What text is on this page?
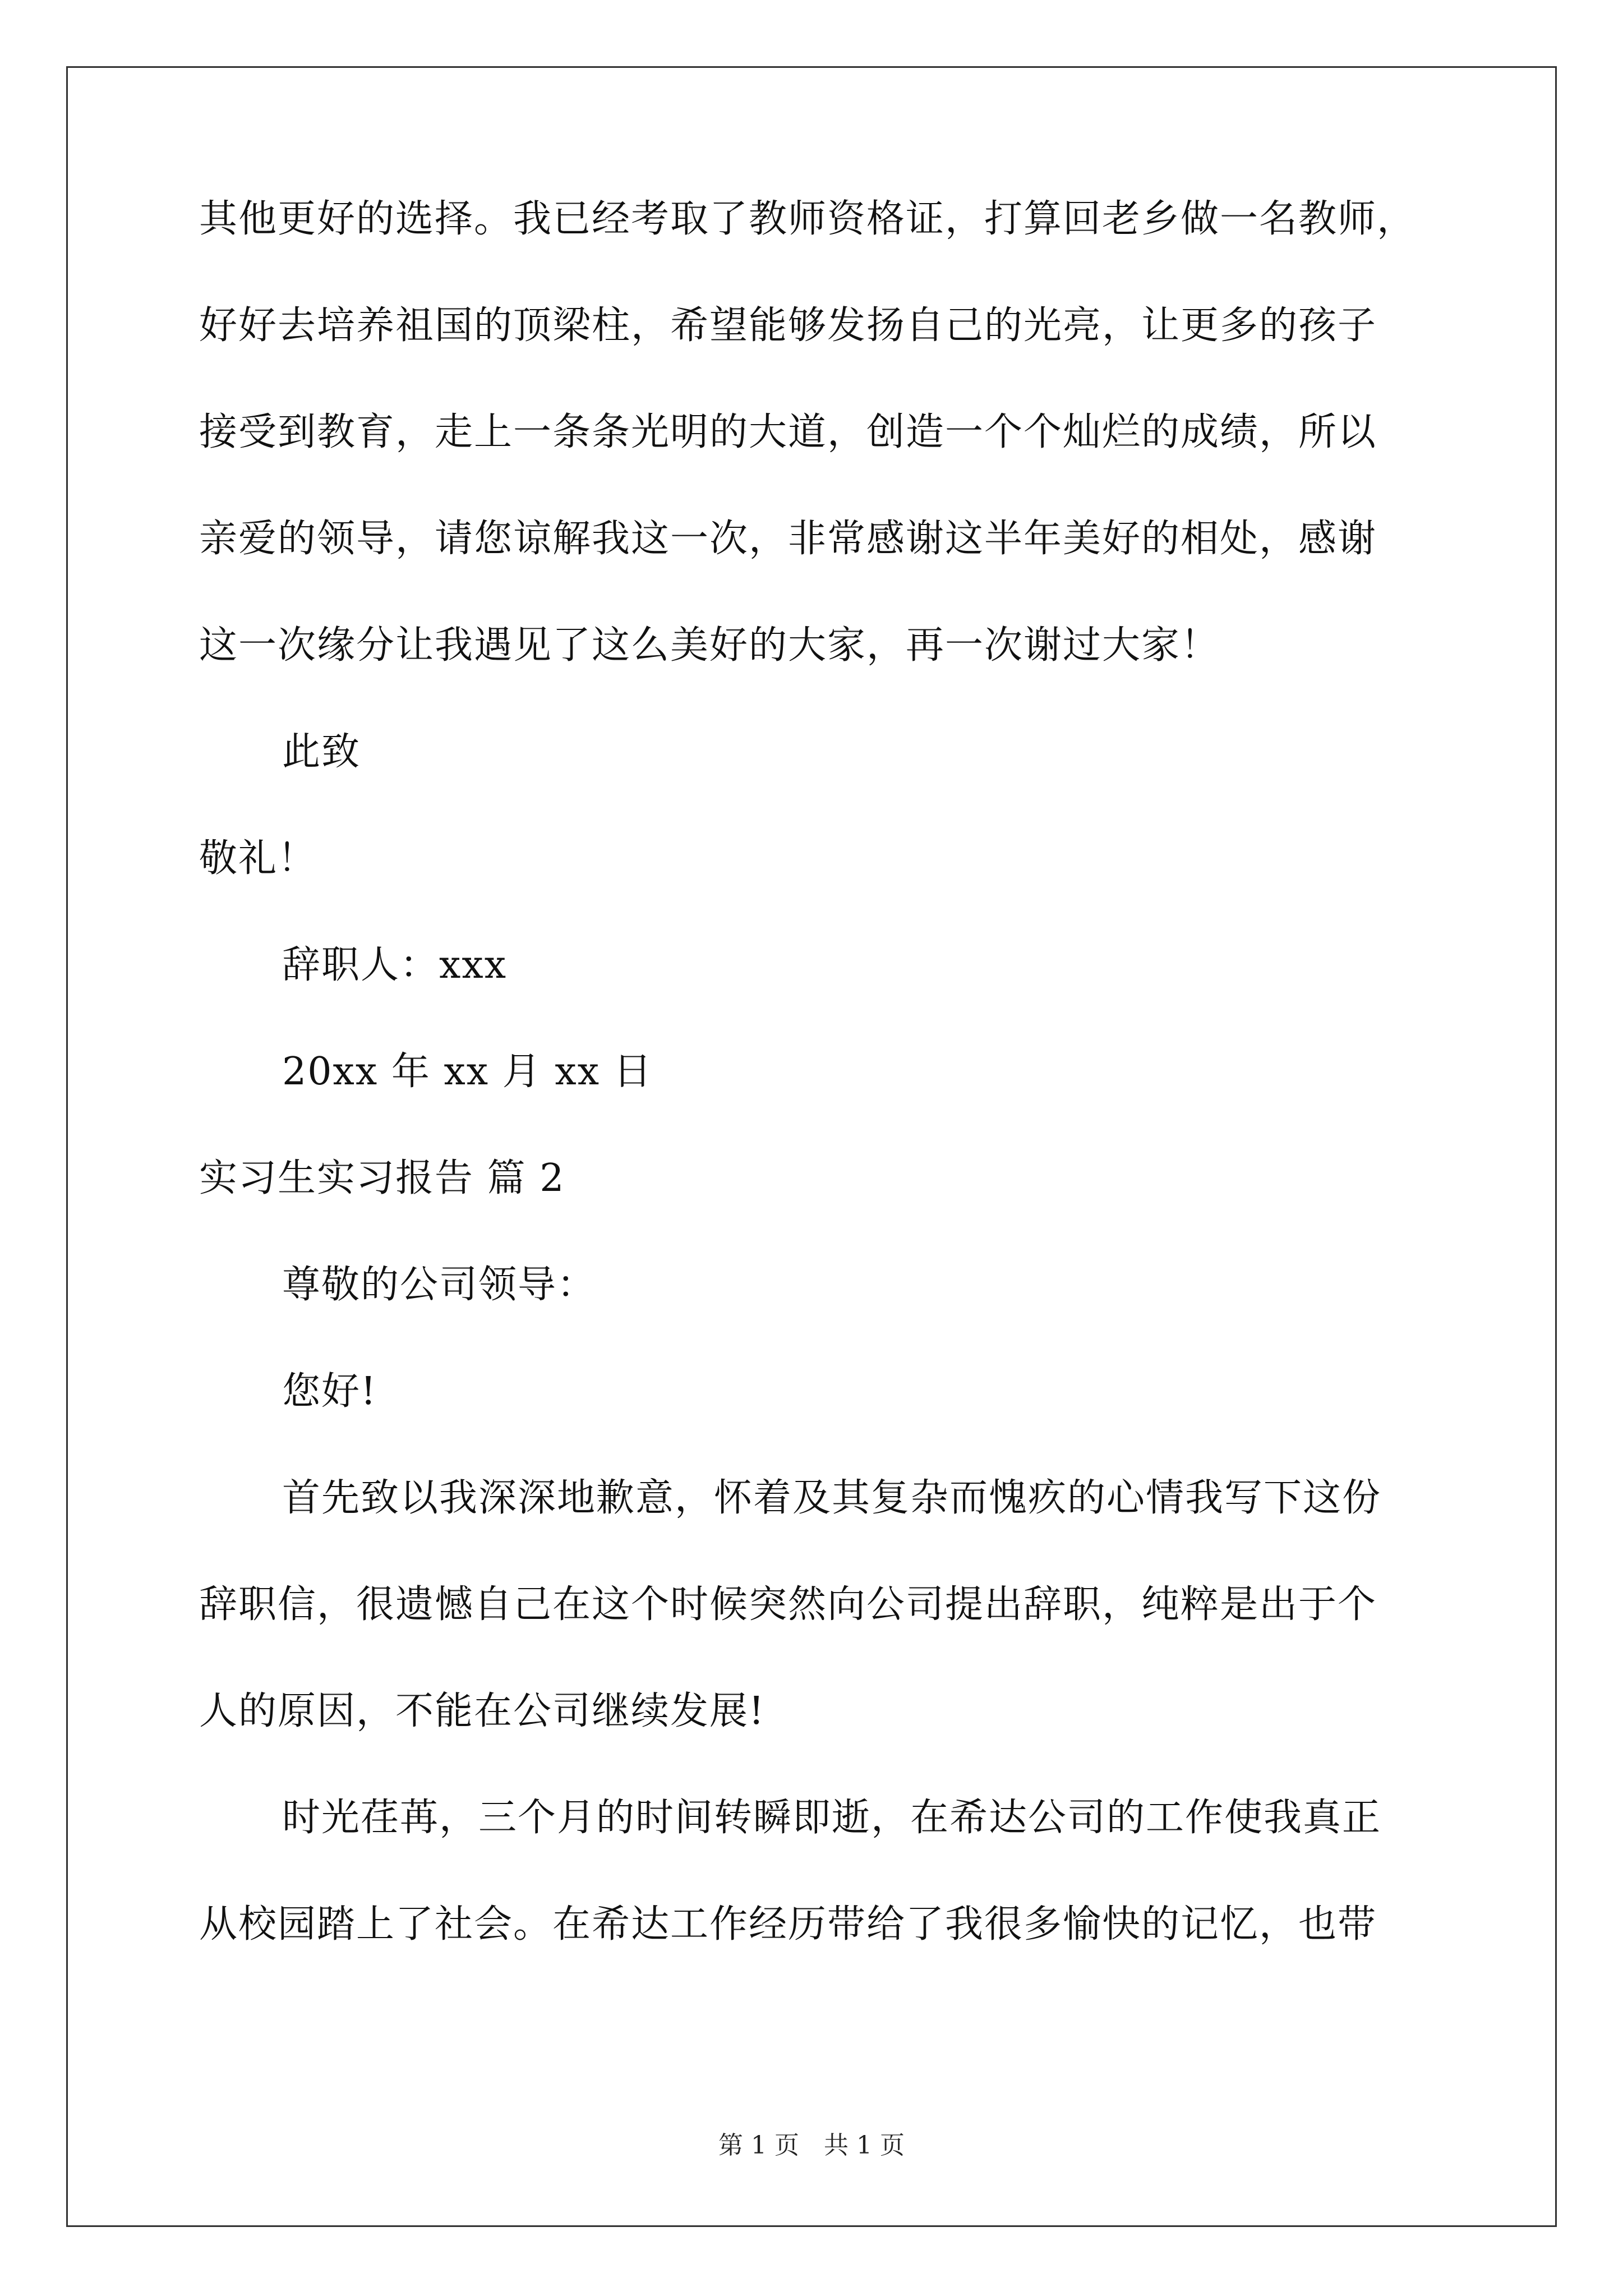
其他更好的选择。我已经考取了教师资格证，打算回老乡做一名教师，
好好去培养祖国的顶梁柱，希望能够发扬自己的光亮，让更多的孩子
接受到教育，走上一条条光明的大道，创造一个个灿烂的成绩，所以
亲爱的领导，请您谅解我这一次，非常感谢这半年美好的相处，感谢
这一次缘分让我遇见了这么美好的大家，再一次谢过大家！
此致
敬礼！
辞职人：xxx
20xx 年 xx 月 xx 日
实习生实习报告 篇 2
尊敬的公司领导：
您好!
首先致以我深深地歉意，怀着及其复杂而愧疚的心情我写下这份
辞职信，很遗憾自己在这个时候突然向公司提出辞职，纯粹是出于个
人的原因，不能在公司继续发展!
时光荏苒，三个月的时间转瞬即逝，在希达公司的工作使我真正
从校园踏上了社会。在希达工作经历带给了我很多愉快的记忆，也带
第 1 页　共 1 页
